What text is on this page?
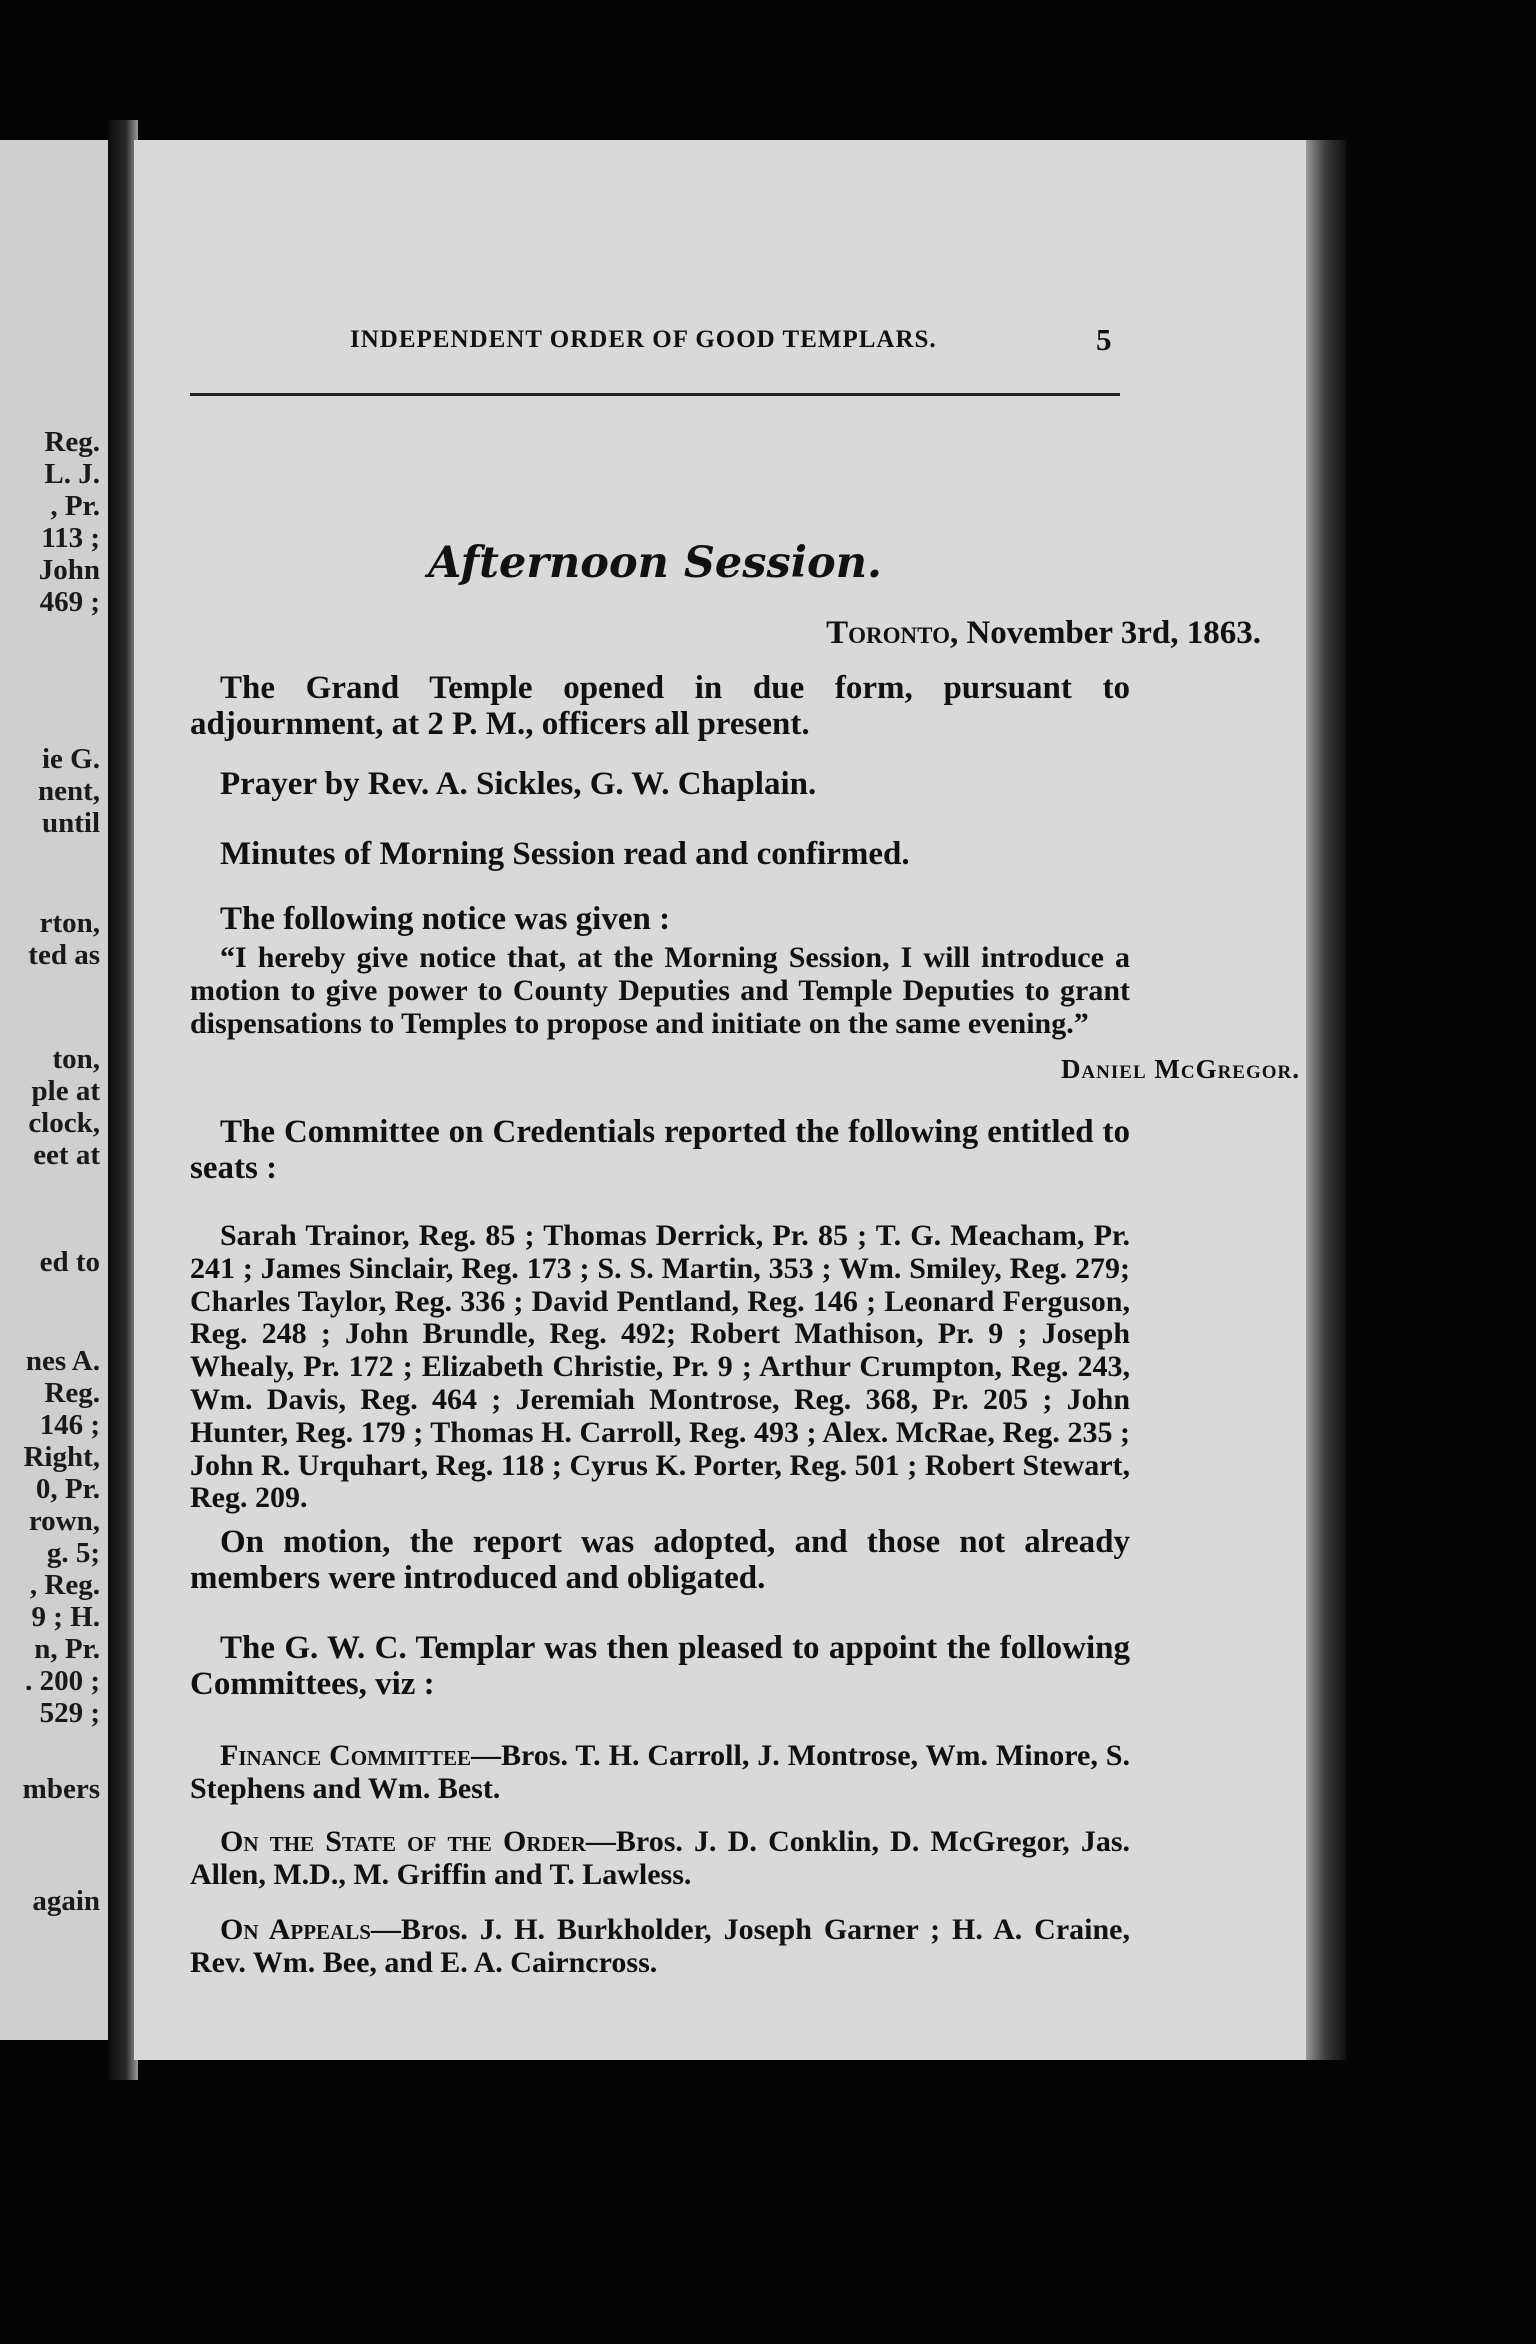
Reg.
L. J.
, Pr.
113 ;
John
469 ;

ie G.
nent,
until

rton,
ted as

ton,
ple at
clock,
eet at

ed to

nes A.
Reg.
146 ;
Right,
0, Pr.
rown,
g. 5;
, Reg.
9 ; H.
n, Pr.
. 200 ;
529 ;

mbers

again

INDEPENDENT ORDER OF GOOD TEMPLARS.	5

Afternoon Session.

Toronto, November 3rd, 1863.

The Grand Temple opened in due form, pursuant to adjournment, at 2 P. M., officers all present.

Prayer by Rev. A. Sickles, G. W. Chaplain.

Minutes of Morning Session read and confirmed.

The following notice was given :

“I hereby give notice that, at the Morning Session, I will introduce a motion to give power to County Deputies and Temple Deputies to grant dispensations to Temples to propose and initiate on the same evening.”

Daniel McGregor.

The Committee on Credentials reported the following entitled to seats :

Sarah Trainor, Reg. 85 ; Thomas Derrick, Pr. 85 ; T. G. Meacham, Pr. 241 ; James Sinclair, Reg. 173 ; S. S. Martin, 353 ; Wm. Smiley, Reg. 279; Charles Taylor, Reg. 336 ; David Pentland, Reg. 146 ; Leonard Ferguson, Reg. 248 ; John Brundle, Reg. 492; Robert Mathison, Pr. 9 ; Joseph Whealy, Pr. 172 ; Elizabeth Christie, Pr. 9 ; Arthur Crumpton, Reg. 243, Wm. Davis, Reg. 464 ; Jeremiah Montrose, Reg. 368, Pr. 205 ; John Hunter, Reg. 179 ; Thomas H. Carroll, Reg. 493 ; Alex. McRae, Reg. 235 ; John R. Urquhart, Reg. 118 ; Cyrus K. Porter, Reg. 501 ; Robert Stewart, Reg. 209.

On motion, the report was adopted, and those not already members were introduced and obligated.

The G. W. C. Templar was then pleased to appoint the following Committees, viz :

Finance Committee—Bros. T. H. Carroll, J. Montrose, Wm. Minore, S. Stephens and Wm. Best.

On the State of the Order—Bros. J. D. Conklin, D. McGregor, Jas. Allen, M.D., M. Griffin and T. Lawless.

On Appeals—Bros. J. H. Burkholder, Joseph Garner ; H. A. Craine, Rev. Wm. Bee, and E. A. Cairncross.
